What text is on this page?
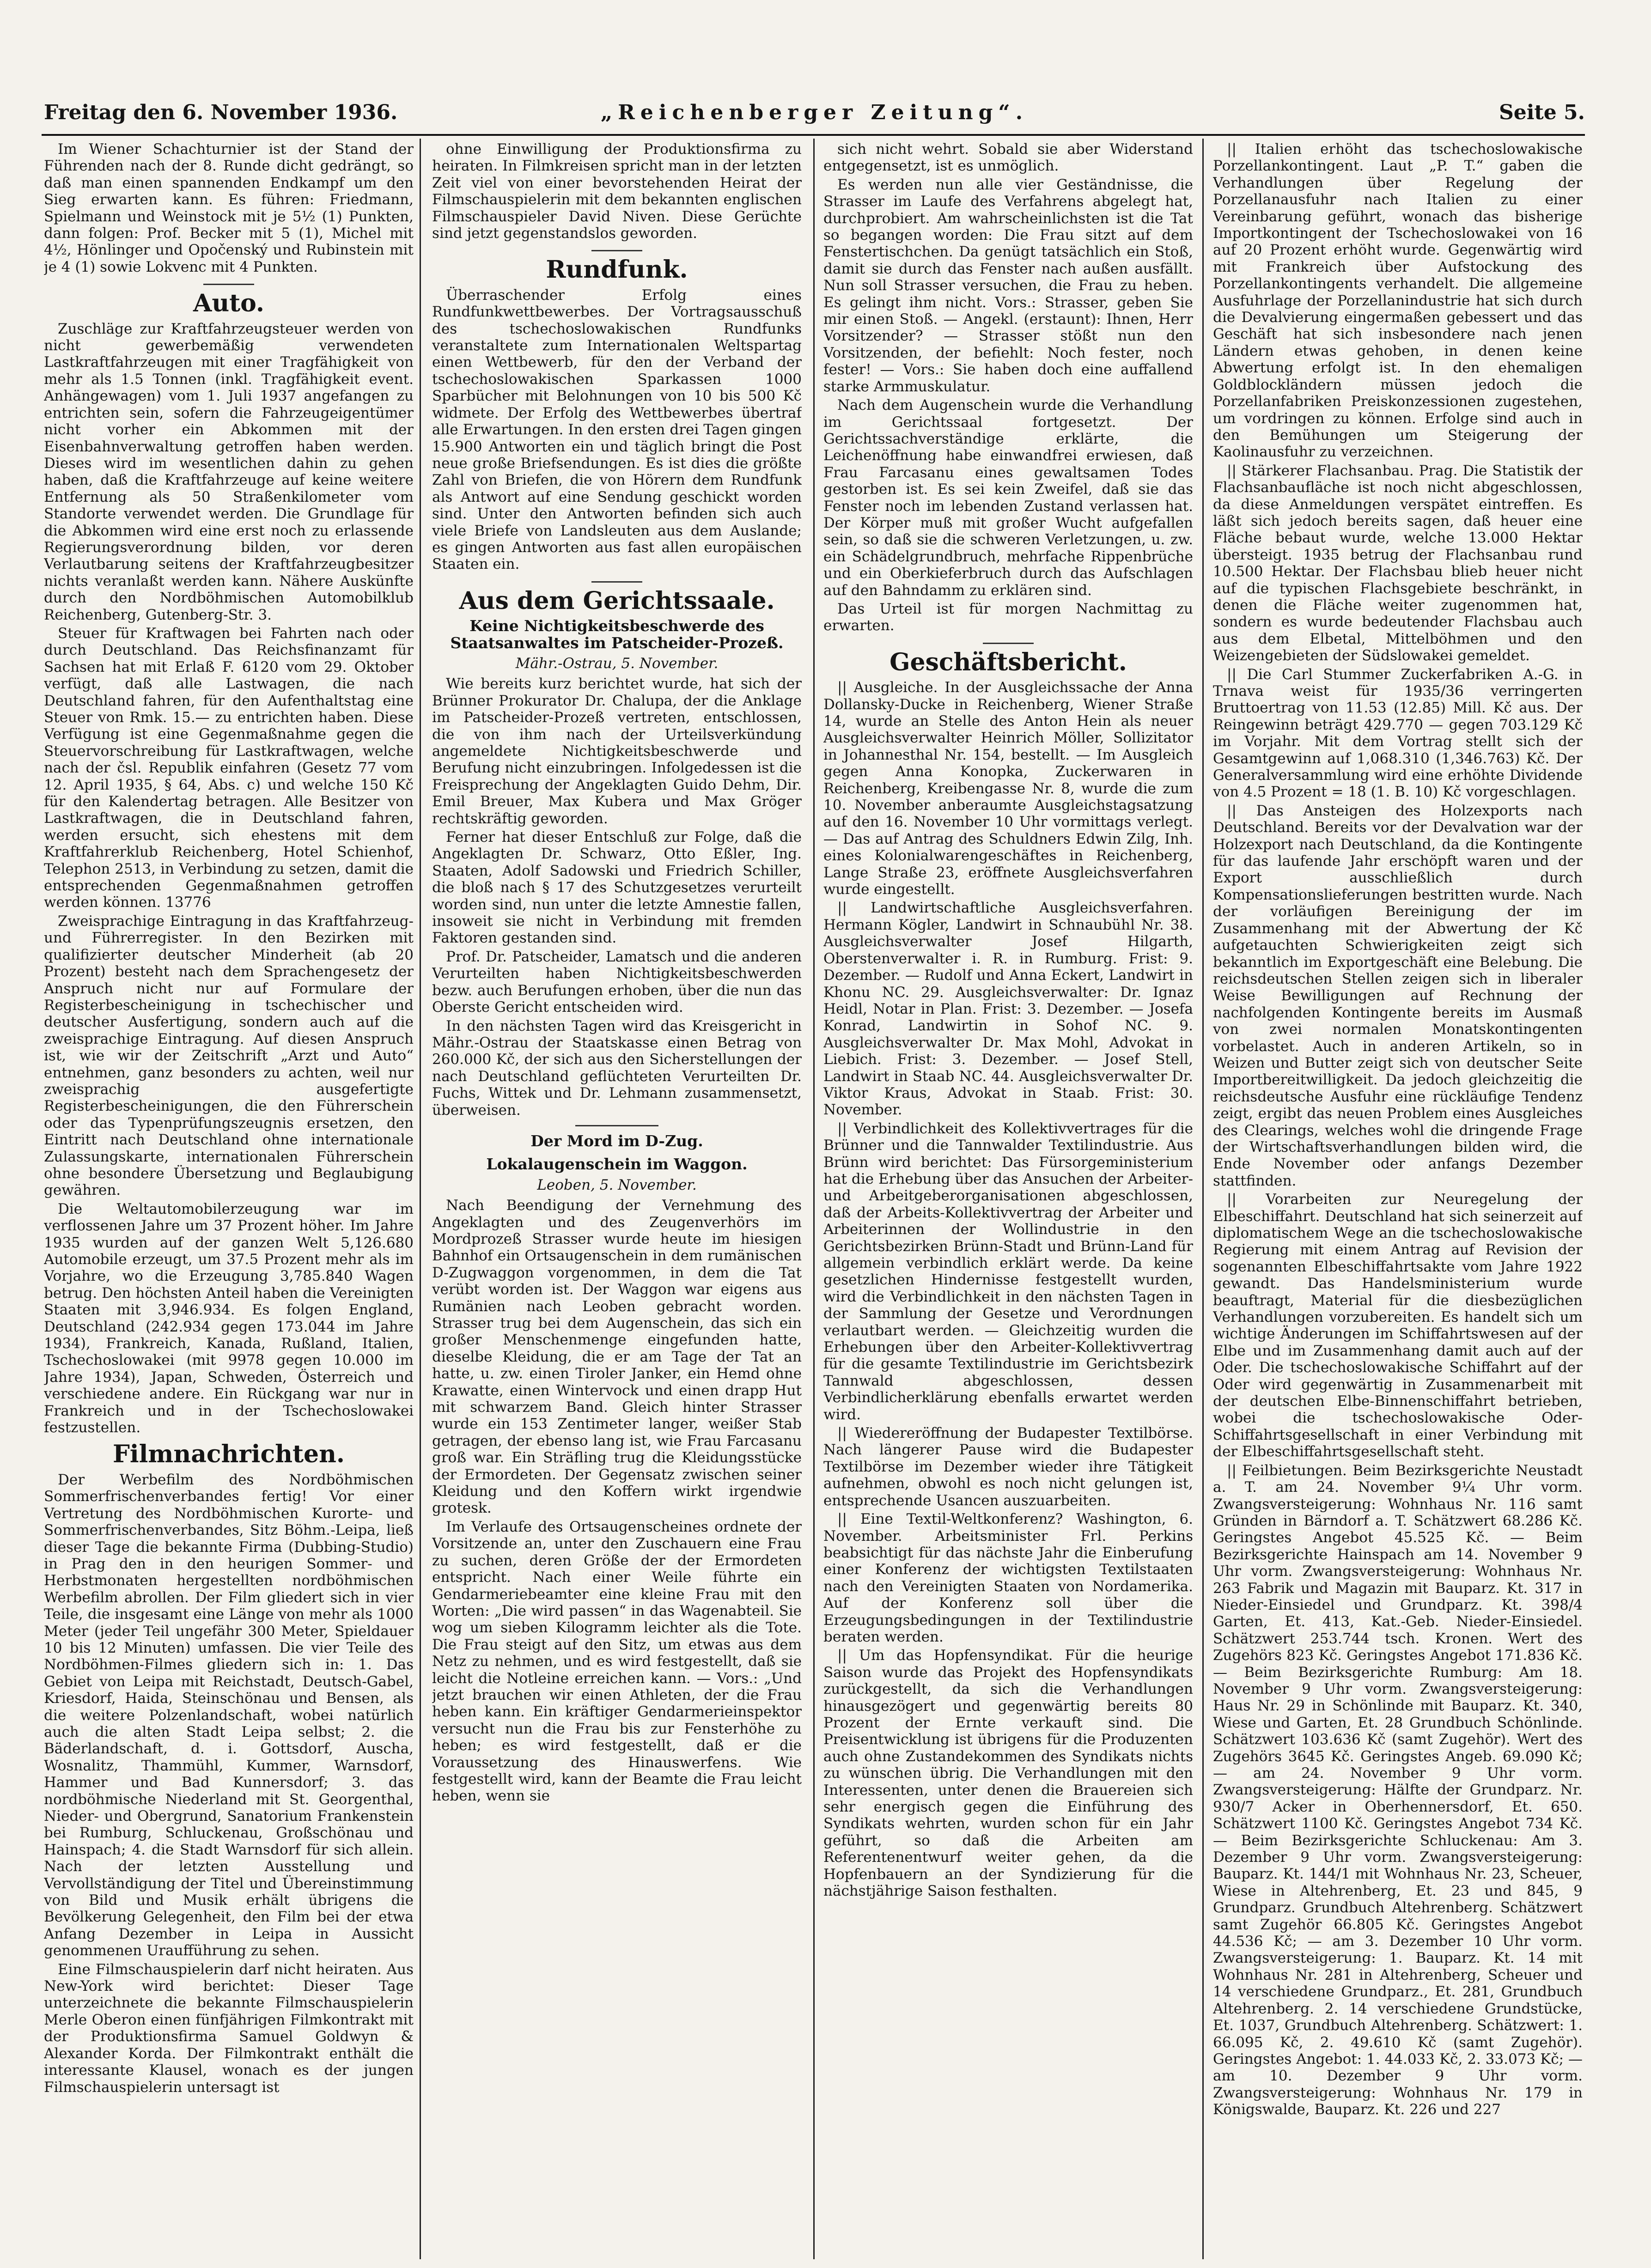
Freitag den 6. November 1936.	„Reichenberger Zeitung“.	Seite 5.

Im Wiener Schachturnier ist der Stand der Führenden nach der 8. Runde dicht gedrängt, so daß man einen spannenden Endkampf um den Sieg erwarten kann. Es führen: Friedmann, Spielmann und Weinstock mit je 5½ (1) Punkten, dann folgen: Prof. Becker mit 5 (1), Michel mit 4½, Hönlinger und Opočenský und Rubinstein mit je 4 (1) sowie Lokvenc mit 4 Punkten.

Auto.

Zuschläge zur Kraftfahrzeugsteuer werden von nicht gewerbemäßig verwendeten Lastkraftfahrzeugen mit einer Tragfähigkeit von mehr als 1.5 Tonnen (inkl. Tragfähigkeit event. Anhängewagen) vom 1. Juli 1937 angefangen zu entrichten sein, sofern die Fahrzeugeigentümer nicht vorher ein Abkommen mit der Eisenbahnverwaltung getroffen haben werden. Dieses wird im wesentlichen dahin zu gehen haben, daß die Kraftfahrzeuge auf keine weitere Entfernung als 50 Straßenkilometer vom Standorte verwendet werden. Die Grundlage für die Abkommen wird eine erst noch zu erlassende Regierungsverordnung bilden, vor deren Verlautbarung seitens der Kraftfahrzeugbesitzer nichts veranlaßt werden kann. Nähere Auskünfte durch den Nordböhmischen Automobilklub Reichenberg, Gutenberg-Str. 3.

Steuer für Kraftwagen bei Fahrten nach oder durch Deutschland. Das Reichsfinanzamt für Sachsen hat mit Erlaß F. 6120 vom 29. Oktober verfügt, daß alle Lastwagen, die nach Deutschland fahren, für den Aufenthaltstag eine Steuer von Rmk. 15.— zu entrichten haben. Diese Verfügung ist eine Gegenmaßnahme gegen die Steuervorschreibung für Lastkraftwagen, welche nach der čsl. Republik einfahren (Gesetz 77 vom 12. April 1935, § 64, Abs. c) und welche 150 Kč für den Kalendertag betragen. Alle Besitzer von Lastkraftwagen, die in Deutschland fahren, werden ersucht, sich ehestens mit dem Kraftfahrerklub Reichenberg, Hotel Schienhof, Telephon 2513, in Verbindung zu setzen, damit die entsprechenden Gegenmaßnahmen getroffen werden können. 13776

Zweisprachige Eintragung in das Kraftfahrzeug- und Führerregister. In den Bezirken mit qualifizierter deutscher Minderheit (ab 20 Prozent) besteht nach dem Sprachengesetz der Anspruch nicht nur auf Formulare der Registerbescheinigung in tschechischer und deutscher Ausfertigung, sondern auch auf die zweisprachige Eintragung. Auf diesen Anspruch ist, wie wir der Zeitschrift „Arzt und Auto“ entnehmen, ganz besonders zu achten, weil nur zweisprachig ausgefertigte Registerbescheinigungen, die den Führerschein oder das Typenprüfungszeugnis ersetzen, den Eintritt nach Deutschland ohne internationale Zulassungskarte, internationalen Führerschein ohne besondere Übersetzung und Beglaubigung gewähren.

Die Weltautomobilerzeugung war im verflossenen Jahre um 37 Prozent höher. Im Jahre 1935 wurden auf der ganzen Welt 5,126.680 Automobile erzeugt, um 37.5 Prozent mehr als im Vorjahre, wo die Erzeugung 3,785.840 Wagen betrug. Den höchsten Anteil haben die Vereinigten Staaten mit 3,946.934. Es folgen England, Deutschland (242.934 gegen 173.044 im Jahre 1934), Frankreich, Kanada, Rußland, Italien, Tschechoslowakei (mit 9978 gegen 10.000 im Jahre 1934), Japan, Schweden, Österreich und verschiedene andere. Ein Rückgang war nur in Frankreich und in der Tschechoslowakei festzustellen.

Filmnachrichten.

Der Werbefilm des Nordböhmischen Sommerfrischenverbandes fertig! Vor einer Vertretung des Nordböhmischen Kurorte- und Sommerfrischenverbandes, Sitz Böhm.-Leipa, ließ dieser Tage die bekannte Firma (Dubbing-Studio) in Prag den in den heurigen Sommer- und Herbstmonaten hergestellten nordböhmischen Werbefilm abrollen. Der Film gliedert sich in vier Teile, die insgesamt eine Länge von mehr als 1000 Meter (jeder Teil ungefähr 300 Meter, Spieldauer 10 bis 12 Minuten) umfassen. Die vier Teile des Nordböhmen-Filmes gliedern sich in: 1. Das Gebiet von Leipa mit Reichstadt, Deutsch-Gabel, Kriesdorf, Haida, Steinschönau und Bensen, als die weitere Polzenlandschaft, wobei natürlich auch die alten Stadt Leipa selbst; 2. die Bäderlandschaft, d. i. Gottsdorf, Auscha, Wosnalitz, Thammühl, Kummer, Warnsdorf, Hammer und Bad Kunnersdorf; 3. das nordböhmische Niederland mit St. Georgenthal, Nieder- und Obergrund, Sanatorium Frankenstein bei Rumburg, Schluckenau, Großschönau und Hainspach; 4. die Stadt Warnsdorf für sich allein. Nach der letzten Ausstellung und Vervollständigung der Titel und Übereinstimmung von Bild und Musik erhält übrigens die Bevölkerung Gelegenheit, den Film bei der etwa Anfang Dezember in Leipa in Aussicht genommenen Uraufführung zu sehen.

Eine Filmschauspielerin darf nicht heiraten. Aus New-York wird berichtet: Dieser Tage unterzeichnete die bekannte Filmschauspielerin Merle Oberon einen fünfjährigen Filmkontrakt mit der Produktionsfirma Samuel Goldwyn & Alexander Korda. Der Filmkontrakt enthält die interessante Klausel, wonach es der jungen Filmschauspielerin untersagt ist

ohne Einwilligung der Produktionsfirma zu heiraten. In Filmkreisen spricht man in der letzten Zeit viel von einer bevorstehenden Heirat der Filmschauspielerin mit dem bekannten englischen Filmschauspieler David Niven. Diese Gerüchte sind jetzt gegenstandslos geworden.

Rundfunk.

Überraschender Erfolg eines Rundfunkwettbewerbes. Der Vortragsausschuß des tschechoslowakischen Rundfunks veranstaltete zum Internationalen Weltspartag einen Wettbewerb, für den der Verband der tschechoslowakischen Sparkassen 1000 Sparbücher mit Belohnungen von 10 bis 500 Kč widmete. Der Erfolg des Wettbewerbes übertraf alle Erwartungen. In den ersten drei Tagen gingen 15.900 Antworten ein und täglich bringt die Post neue große Briefsendungen. Es ist dies die größte Zahl von Briefen, die von Hörern dem Rundfunk als Antwort auf eine Sendung geschickt worden sind. Unter den Antworten befinden sich auch viele Briefe von Landsleuten aus dem Auslande; es gingen Antworten aus fast allen europäischen Staaten ein.

Aus dem Gerichtssaale.
Keine Nichtigkeitsbeschwerde des Staatsanwaltes im Patscheider-Prozeß.
Mähr.-Ostrau, 5. November.

Wie bereits kurz berichtet wurde, hat sich der Brünner Prokurator Dr. Chalupa, der die Anklage im Patscheider-Prozeß vertreten, entschlossen, die von ihm nach der Urteilsverkündung angemeldete Nichtigkeitsbeschwerde und Berufung nicht einzubringen. Infolgedessen ist die Freisprechung der Angeklagten Guido Dehm, Dir. Emil Breuer, Max Kubera und Max Gröger rechtskräftig geworden.

Ferner hat dieser Entschluß zur Folge, daß die Angeklagten Dr. Schwarz, Otto Eßler, Ing. Staaten, Adolf Sadowski und Friedrich Schiller, die bloß nach § 17 des Schutzgesetzes verurteilt worden sind, nun unter die letzte Amnestie fallen, insoweit sie nicht in Verbindung mit fremden Faktoren gestanden sind.

Prof. Dr. Patscheider, Lamatsch und die anderen Verurteilten haben Nichtigkeitsbeschwerden bezw. auch Berufungen erhoben, über die nun das Oberste Gericht entscheiden wird.

In den nächsten Tagen wird das Kreisgericht in Mähr.-Ostrau der Staatskasse einen Betrag von 260.000 Kč, der sich aus den Sicherstellungen der nach Deutschland geflüchteten Verurteilten Dr. Fuchs, Wittek und Dr. Lehmann zusammensetzt, überweisen.

Der Mord im D-Zug.
Lokalaugenschein im Waggon.
Leoben, 5. November.

Nach Beendigung der Vernehmung des Angeklagten und des Zeugenverhörs im Mordprozeß Strasser wurde heute im hiesigen Bahnhof ein Ortsaugenschein in dem rumänischen D-Zugwaggon vorgenommen, in dem die Tat verübt worden ist. Der Waggon war eigens aus Rumänien nach Leoben gebracht worden. Strasser trug bei dem Augenschein, das sich ein großer Menschenmenge eingefunden hatte, dieselbe Kleidung, die er am Tage der Tat an hatte, u. zw. einen Tiroler Janker, ein Hemd ohne Krawatte, einen Wintervock und einen drapp Hut mit schwarzem Band. Gleich hinter Strasser wurde ein 153 Zentimeter langer, weißer Stab getragen, der ebenso lang ist, wie Frau Farcasanu groß war. Ein Sträfling trug die Kleidungsstücke der Ermordeten. Der Gegensatz zwischen seiner Kleidung und den Koffern wirkt irgendwie grotesk.

Im Verlaufe des Ortsaugenscheines ordnete der Vorsitzende an, unter den Zuschauern eine Frau zu suchen, deren Größe der der Ermordeten entspricht. Nach einer Weile führte ein Gendarmeriebeamter eine kleine Frau mit den Worten: „Die wird passen“ in das Wagenabteil. Sie wog um sieben Kilogramm leichter als die Tote. Die Frau steigt auf den Sitz, um etwas aus dem Netz zu nehmen, und es wird festgestellt, daß sie leicht die Notleine erreichen kann. — Vors.: „Und jetzt brauchen wir einen Athleten, der die Frau heben kann. Ein kräftiger Gendarmerieinspektor versucht nun die Frau bis zur Fensterhöhe zu heben; es wird festgestellt, daß er die Voraussetzung des Hinauswerfens. Wie festgestellt wird, kann der Beamte die Frau leicht heben, wenn sie

sich nicht wehrt. Sobald sie aber Widerstand entgegensetzt, ist es unmöglich.

Es werden nun alle vier Geständnisse, die Strasser im Laufe des Verfahrens abgelegt hat, durchprobiert. Am wahrscheinlichsten ist die Tat so begangen worden: Die Frau sitzt auf dem Fenstertischchen. Da genügt tatsächlich ein Stoß, damit sie durch das Fenster nach außen ausfällt. Nun soll Strasser versuchen, die Frau zu heben. Es gelingt ihm nicht. Vors.: Strasser, geben Sie mir einen Stoß. — Angekl. (erstaunt): Ihnen, Herr Vorsitzender? — Strasser stößt nun den Vorsitzenden, der befiehlt: Noch fester, noch fester! — Vors.: Sie haben doch eine auffallend starke Armmuskulatur.

Nach dem Augenschein wurde die Verhandlung im Gerichtssaal fortgesetzt. Der Gerichtssachverständige erklärte, die Leichenöffnung habe einwandfrei erwiesen, daß Frau Farcasanu eines gewaltsamen Todes gestorben ist. Es sei kein Zweifel, daß sie das Fenster noch im lebenden Zustand verlassen hat. Der Körper muß mit großer Wucht aufgefallen sein, so daß sie die schweren Verletzungen, u. zw. ein Schädelgrundbruch, mehrfache Rippenbrüche und ein Oberkieferbruch durch das Aufschlagen auf den Bahndamm zu erklären sind.

Das Urteil ist für morgen Nachmittag zu erwarten.

Geschäftsbericht.

|| Ausgleiche. In der Ausgleichssache der Anna Dollansky-Ducke in Reichenberg, Wiener Straße 14, wurde an Stelle des Anton Hein als neuer Ausgleichsverwalter Heinrich Möller, Sollizitator in Johannesthal Nr. 154, bestellt. — Im Ausgleich gegen Anna Konopka, Zuckerwaren in Reichenberg, Kreibengasse Nr. 8, wurde die zum 10. November anberaumte Ausgleichstagsatzung auf den 16. November 10 Uhr vormittags verlegt. — Das auf Antrag des Schuldners Edwin Zilg, Inh. eines Kolonialwarengeschäftes in Reichenberg, Lange Straße 23, eröffnete Ausgleichsverfahren wurde eingestellt.

|| Landwirtschaftliche Ausgleichsverfahren. Hermann Kögler, Landwirt in Schnaubühl Nr. 38. Ausgleichsverwalter Josef Hilgarth, Oberstenverwalter i. R. in Rumburg. Frist: 9. Dezember. — Rudolf und Anna Eckert, Landwirt in Khonu NC. 29. Ausgleichsverwalter: Dr. Ignaz Heidl, Notar in Plan. Frist: 3. Dezember. — Josefa Konrad, Landwirtin in Sohof NC. 9. Ausgleichsverwalter Dr. Max Mohl, Advokat in Liebich. Frist: 3. Dezember. — Josef Stell, Landwirt in Staab NC. 44. Ausgleichsverwalter Dr. Viktor Kraus, Advokat in Staab. Frist: 30. November.

|| Verbindlichkeit des Kollektivvertrages für die Brünner und die Tannwalder Textilindustrie. Aus Brünn wird berichtet: Das Fürsorgeministerium hat die Erhebung über das Ansuchen der Arbeiter- und Arbeitgeberorganisationen abgeschlossen, daß der Arbeits-Kollektivvertrag der Arbeiter und Arbeiterinnen der Wollindustrie in den Gerichtsbezirken Brünn-Stadt und Brünn-Land für allgemein verbindlich erklärt werde. Da keine gesetzlichen Hindernisse festgestellt wurden, wird die Verbindlichkeit in den nächsten Tagen in der Sammlung der Gesetze und Verordnungen verlautbart werden. — Gleichzeitig wurden die Erhebungen über den Arbeiter-Kollektivvertrag für die gesamte Textilindustrie im Gerichtsbezirk Tannwald abgeschlossen, dessen Verbindlicherklärung ebenfalls erwartet werden wird.

|| Wiedereröffnung der Budapester Textilbörse. Nach längerer Pause wird die Budapester Textilbörse im Dezember wieder ihre Tätigkeit aufnehmen, obwohl es noch nicht gelungen ist, entsprechende Usancen auszuarbeiten.

|| Eine Textil-Weltkonferenz? Washington, 6. November. Arbeitsminister Frl. Perkins beabsichtigt für das nächste Jahr die Einberufung einer Konferenz der wichtigsten Textilstaaten nach den Vereinigten Staaten von Nordamerika. Auf der Konferenz soll über die Erzeugungsbedingungen in der Textilindustrie beraten werden.

|| Um das Hopfensyndikat. Für die heurige Saison wurde das Projekt des Hopfensyndikats zurückgestellt, da sich die Verhandlungen hinausgezögert und gegenwärtig bereits 80 Prozent der Ernte verkauft sind. Die Preisentwicklung ist übrigens für die Produzenten auch ohne Zustandekommen des Syndikats nichts zu wünschen übrig. Die Verhandlungen mit den Interessenten, unter denen die Brauereien sich sehr energisch gegen die Einführung des Syndikats wehrten, wurden schon für ein Jahr geführt, so daß die Arbeiten am Referentenentwurf weiter gehen, da die Hopfenbauern an der Syndizierung für die nächstjährige Saison festhalten.

|| Italien erhöht das tschechoslowakische Porzellankontingent. Laut „P. T.“ gaben die Verhandlungen über Regelung der Porzellanausfuhr nach Italien zu einer Vereinbarung geführt, wonach das bisherige Importkontingent der Tschechoslowakei von 16 auf 20 Prozent erhöht wurde. Gegenwärtig wird mit Frankreich über Aufstockung des Porzellankontingents verhandelt. Die allgemeine Ausfuhrlage der Porzellanindustrie hat sich durch die Devalvierung eingermaßen gebessert und das Geschäft hat sich insbesondere nach jenen Ländern etwas gehoben, in denen keine Abwertung erfolgt ist. In den ehemaligen Goldblockländern müssen jedoch die Porzellanfabriken Preiskonzessionen zugestehen, um vordringen zu können. Erfolge sind auch in den Bemühungen um Steigerung der Kaolinausfuhr zu verzeichnen.

|| Stärkerer Flachsanbau. Prag. Die Statistik der Flachsanbaufläche ist noch nicht abgeschlossen, da diese Anmeldungen verspätet eintreffen. Es läßt sich jedoch bereits sagen, daß heuer eine Fläche bebaut wurde, welche 13.000 Hektar übersteigt. 1935 betrug der Flachsanbau rund 10.500 Hektar. Der Flachsbau blieb heuer nicht auf die typischen Flachsgebiete beschränkt, in denen die Fläche weiter zugenommen hat, sondern es wurde bedeutender Flachsbau auch aus dem Elbetal, Mittelböhmen und den Weizengebieten der Südslowakei gemeldet.

|| Die Carl Stummer Zuckerfabriken A.-G. in Trnava weist für 1935/36 verringerten Bruttoertrag von 11.53 (12.85) Mill. Kč aus. Der Reingewinn beträgt 429.770 — gegen 703.129 Kč im Vorjahr. Mit dem Vortrag stellt sich der Gesamtgewinn auf 1,068.310 (1,346.763) Kč. Der Generalversammlung wird eine erhöhte Dividende von 4.5 Prozent = 18 (1. B. 10) Kč vorgeschlagen.

|| Das Ansteigen des Holzexports nach Deutschland. Bereits vor der Devalvation war der Holzexport nach Deutschland, da die Kontingente für das laufende Jahr erschöpft waren und der Export ausschließlich durch Kompensationslieferungen bestritten wurde. Nach der vorläufigen Bereinigung der im Zusammenhang mit der Abwertung der Kč aufgetauchten Schwierigkeiten zeigt sich bekanntlich im Exportgeschäft eine Belebung. Die reichsdeutschen Stellen zeigen sich in liberaler Weise Bewilligungen auf Rechnung der nachfolgenden Kontingente bereits im Ausmaß von zwei normalen Monatskontingenten vorbelastet. Auch in anderen Artikeln, so in Weizen und Butter zeigt sich von deutscher Seite Importbereitwilligkeit. Da jedoch gleichzeitig die reichsdeutsche Ausfuhr eine rückläufige Tendenz zeigt, ergibt das neuen Problem eines Ausgleiches des Clearings, welches wohl die dringende Frage der Wirtschaftsverhandlungen bilden wird, die Ende November oder anfangs Dezember stattfinden.

|| Vorarbeiten zur Neuregelung der Elbeschiffahrt. Deutschland hat sich seinerzeit auf diplomatischem Wege an die tschechoslowakische Regierung mit einem Antrag auf Revision der sogenannten Elbeschiffahrtsakte vom Jahre 1922 gewandt. Das Handelsministerium wurde beauftragt, Material für die diesbezüglichen Verhandlungen vorzubereiten. Es handelt sich um wichtige Änderungen im Schiffahrtswesen auf der Elbe und im Zusammenhang damit auch auf der Oder. Die tschechoslowakische Schiffahrt auf der Oder wird gegenwärtig in Zusammenarbeit mit der deutschen Elbe-Binnenschiffahrt betrieben, wobei die tschechoslowakische Oder-Schiffahrtsgesellschaft in einer Verbindung mit der Elbeschiffahrtsgesellschaft steht.

|| Feilbietungen. Beim Bezirksgerichte Neustadt a. T. am 24. November 9¼ Uhr vorm. Zwangsversteigerung: Wohnhaus Nr. 116 samt Gründen in Bärndorf a. T. Schätzwert 68.286 Kč. Geringstes Angebot 45.525 Kč. — Beim Bezirksgerichte Hainspach am 14. November 9 Uhr vorm. Zwangsversteigerung: Wohnhaus Nr. 263 Fabrik und Magazin mit Bauparz. Kt. 317 in Nieder-Einsiedel und Grundparz. Kt. 398/4 Garten, Et. 413, Kat.-Geb. Nieder-Einsiedel. Schätzwert 253.744 tsch. Kronen. Wert des Zugehörs 823 Kč. Geringstes Angebot 171.836 Kč. — Beim Bezirksgerichte Rumburg: Am 18. November 9 Uhr vorm. Zwangsversteigerung: Haus Nr. 29 in Schönlinde mit Bauparz. Kt. 340, Wiese und Garten, Et. 28 Grundbuch Schönlinde. Schätzwert 103.636 Kč (samt Zugehör). Wert des Zugehörs 3645 Kč. Geringstes Angeb. 69.090 Kč; — am 24. November 9 Uhr vorm. Zwangsversteigerung: Hälfte der Grundparz. Nr. 930/7 Acker in Oberhennersdorf, Et. 650. Schätzwert 1100 Kč. Geringstes Angebot 734 Kč. — Beim Bezirksgerichte Schluckenau: Am 3. Dezember 9 Uhr vorm. Zwangsversteigerung: Bauparz. Kt. 144/1 mit Wohnhaus Nr. 23, Scheuer, Wiese in Altehrenberg, Et. 23 und 845, 9 Grundparz. Grundbuch Altehrenberg. Schätzwert samt Zugehör 66.805 Kč. Geringstes Angebot 44.536 Kč; — am 3. Dezember 10 Uhr vorm. Zwangsversteigerung: 1. Bauparz. Kt. 14 mit Wohnhaus Nr. 281 in Altehrenberg, Scheuer und 14 verschiedene Grundparz., Et. 281, Grundbuch Altehrenberg. 2. 14 verschiedene Grundstücke, Et. 1037, Grundbuch Altehrenberg. Schätzwert: 1. 66.095 Kč, 2. 49.610 Kč (samt Zugehör). Geringstes Angebot: 1. 44.033 Kč, 2. 33.073 Kč; — am 10. Dezember 9 Uhr vorm. Zwangsversteigerung: Wohnhaus Nr. 179 in Königswalde, Bauparz. Kt. 226 und 227
